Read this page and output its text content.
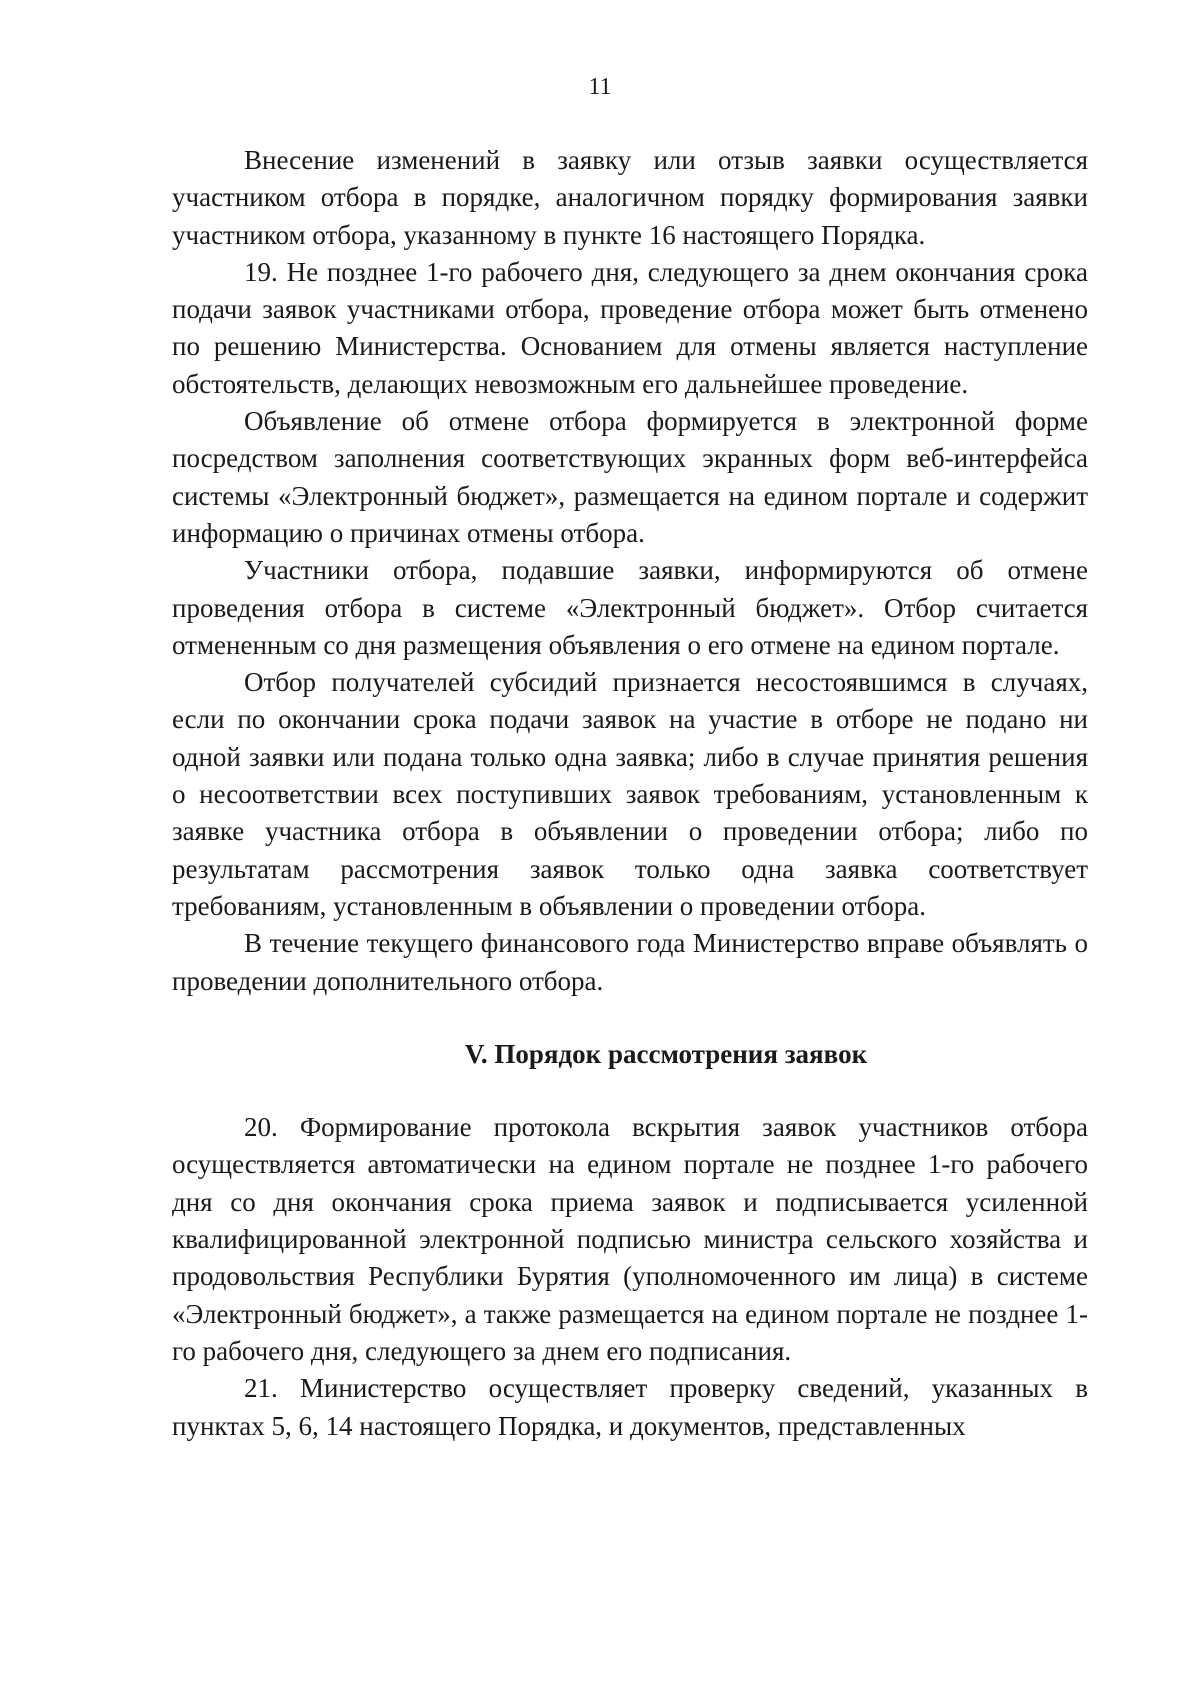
11

Внесение изменений в заявку или отзыв заявки осуществляется участником отбора в порядке, аналогичном порядку формирования заявки участником отбора, указанному в пункте 16 настоящего Порядка.

19. Не позднее 1-го рабочего дня, следующего за днем окончания срока подачи заявок участниками отбора, проведение отбора может быть отменено по решению Министерства. Основанием для отмены является наступление обстоятельств, делающих невозможным его дальнейшее проведение.

Объявление об отмене отбора формируется в электронной форме посредством заполнения соответствующих экранных форм веб-интерфейса системы «Электронный бюджет», размещается на едином портале и содержит информацию о причинах отмены отбора.

Участники отбора, подавшие заявки, информируются об отмене проведения отбора в системе «Электронный бюджет». Отбор считается отмененным со дня размещения объявления о его отмене на едином портале.

Отбор получателей субсидий признается несостоявшимся в случаях, если по окончании срока подачи заявок на участие в отборе не подано ни одной заявки или подана только одна заявка; либо в случае принятия решения о несоответствии всех поступивших заявок требованиям, установленным к заявке участника отбора в объявлении о проведении отбора; либо по результатам рассмотрения заявок только одна заявка соответствует требованиям, установленным в объявлении о проведении отбора.

В течение текущего финансового года Министерство вправе объявлять о проведении дополнительного отбора.

V. Порядок рассмотрения заявок

20. Формирование протокола вскрытия заявок участников отбора осуществляется автоматически на едином портале не позднее 1-го рабочего дня со дня окончания срока приема заявок и подписывается усиленной квалифицированной электронной подписью министра сельского хозяйства и продовольствия Республики Бурятия (уполномоченного им лица) в системе «Электронный бюджет», а также размещается на едином портале не позднее 1-го рабочего дня, следующего за днем его подписания.

21. Министерство осуществляет проверку сведений, указанных в пунктах 5, 6, 14 настоящего Порядка, и документов, представленных
